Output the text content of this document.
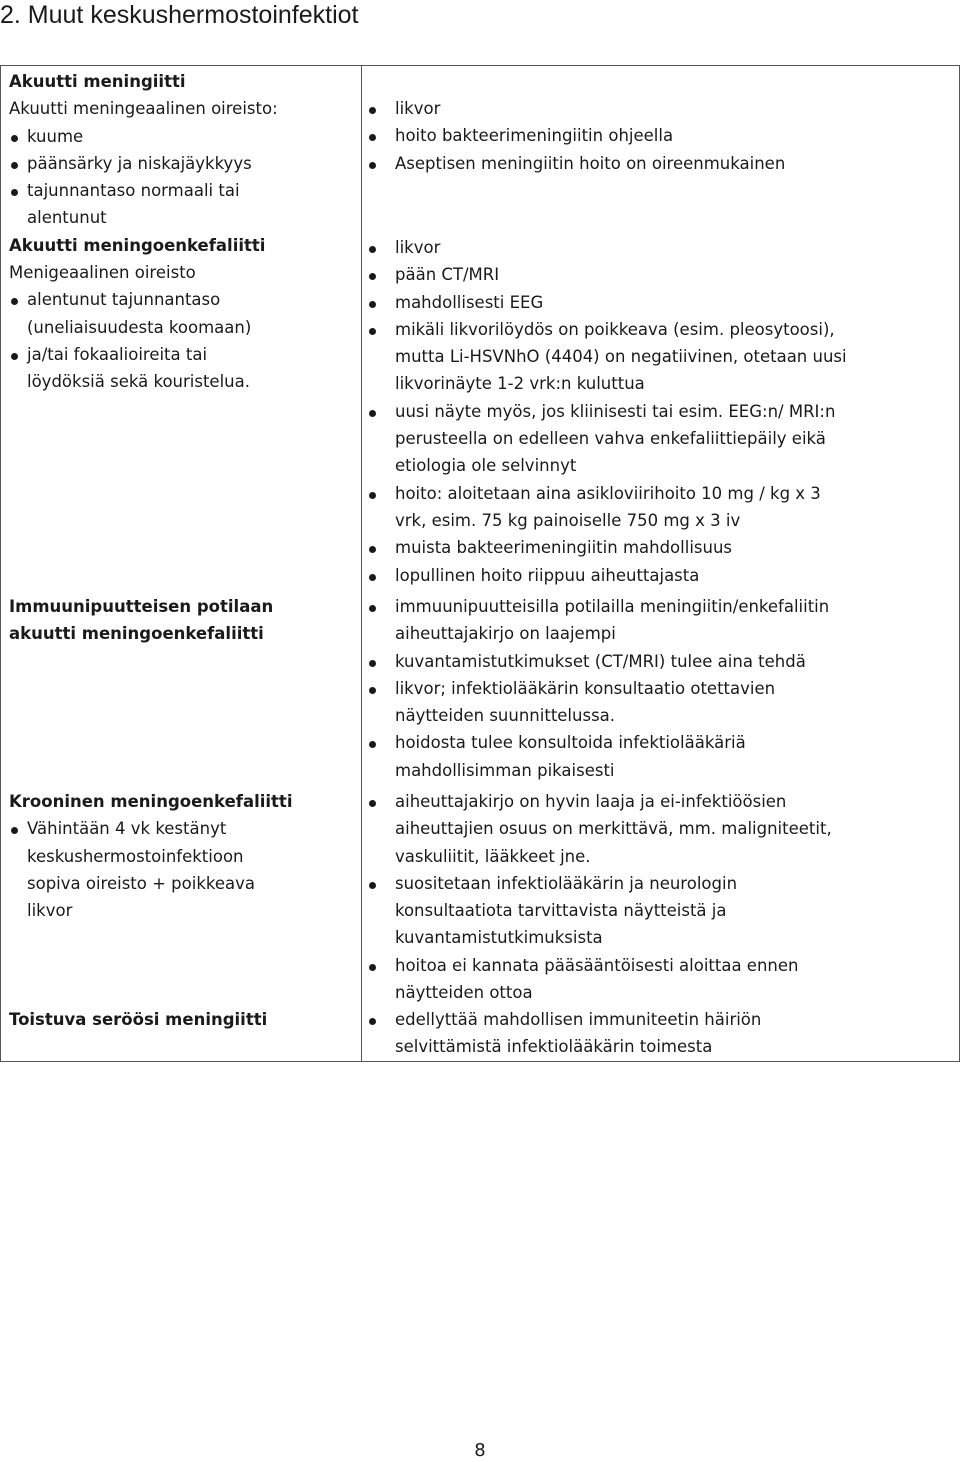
2. Muut keskushermostoinfektiot
Akuutti meningiitti
Akuutti meningeaalinen oireisto:
kuume
päänsärky ja niskajäykkyys
tajunnantaso normaali tai
alentunut
Akuutti meningoenkefaliitti
Menigeaalinen oireisto
alentunut tajunnantaso
(uneliaisuudesta koomaan)
ja/tai fokaalioireita tai
löydöksiä sekä kouristelua.
likvor
hoito bakteerimeningiitin ohjeella
Aseptisen meningiitin hoito on oireenmukainen
likvor
pään CT/MRI
mahdollisesti EEG
mikäli likvorilöydös on poikkeava (esim. pleosytoosi),
mutta Li-HSVNhO (4404) on negatiivinen, otetaan uusi
likvorinäyte 1-2 vrk:n kuluttua
uusi näyte myös, jos kliinisesti tai esim. EEG:n/ MRI:n
perusteella on edelleen vahva enkefaliittiepäily eikä
etiologia ole selvinnyt
hoito: aloitetaan aina asikloviirihoito 10 mg / kg x 3
vrk, esim. 75 kg painoiselle 750 mg x 3 iv
muista bakteerimeningiitin mahdollisuus
lopullinen hoito riippuu aiheuttajasta
Immuunipuutteisen potilaan
akuutti meningoenkefaliitti
immuunipuutteisilla potilailla meningiitin/enkefaliitin
aiheuttajakirjo on laajempi
kuvantamistutkimukset (CT/MRI) tulee aina tehdä
likvor; infektiolääkärin konsultaatio otettavien
näytteiden suunnittelussa.
hoidosta tulee konsultoida infektiolääkäriä
mahdollisimman pikaisesti
Krooninen meningoenkefaliitti
Vähintään 4 vk kestänyt
keskushermostoinfektioon
sopiva oireisto + poikkeava
likvor
aiheuttajakirjo on hyvin laaja ja ei-infektiöösien
aiheuttajien osuus on merkittävä, mm. maligniteetit,
vaskuliitit, lääkkeet jne.
suositetaan infektiolääkärin ja neurologin
konsultaatiota tarvittavista näytteistä ja
kuvantamistutkimuksista
hoitoa ei kannata pääsääntöisesti aloittaa ennen
näytteiden ottoa
Toistuva seröösi meningiitti	edellyttää mahdollisen immuniteetin häiriön
selvittämistä infektiolääkärin toimesta
8
